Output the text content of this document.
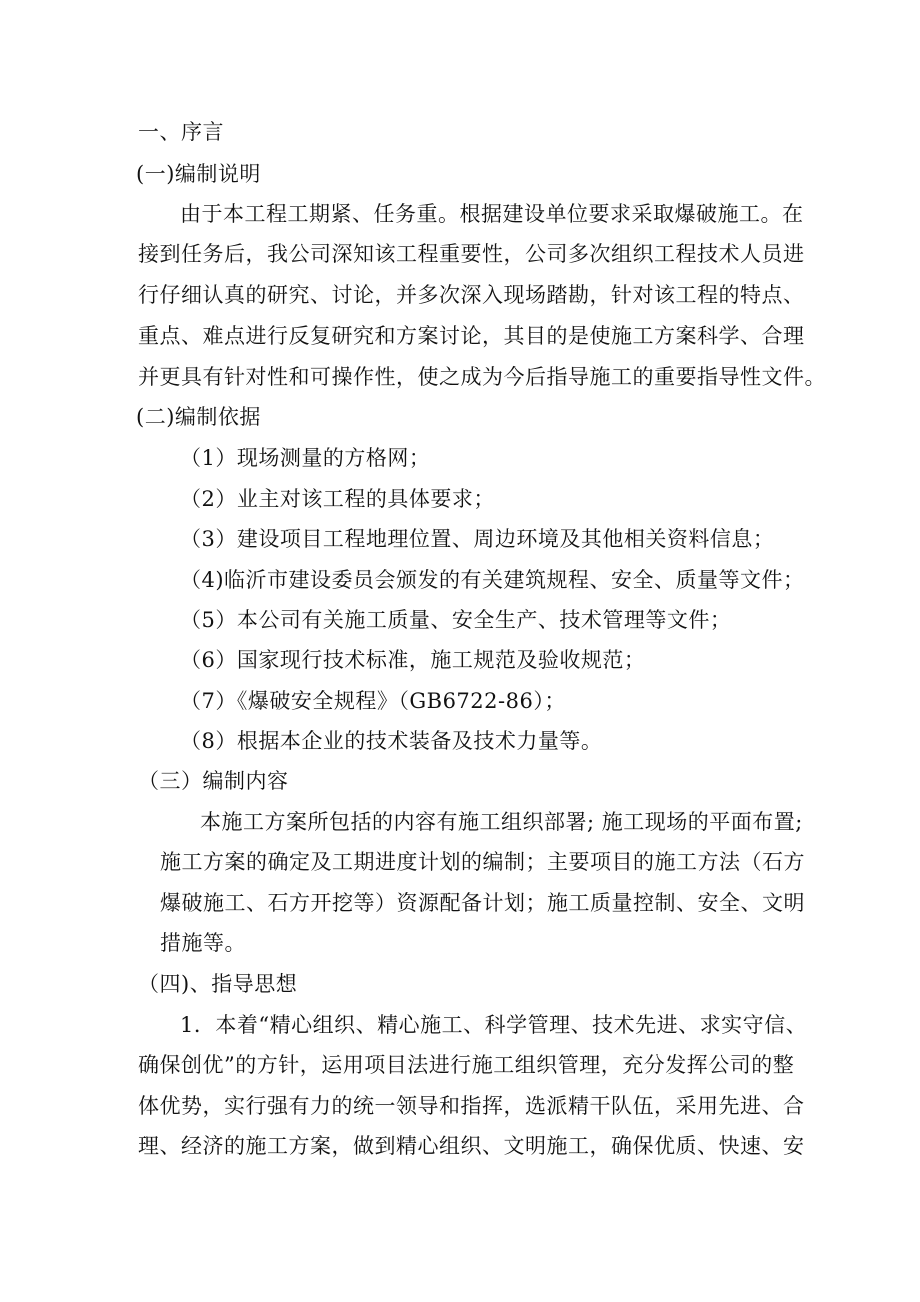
一、序言
(一)编制说明
由于本工程工期紧、任务重。根据建设单位要求采取爆破施工。在
接到任务后，我公司深知该工程重要性，公司多次组织工程技术人员进
行仔细认真的研究、讨论，并多次深入现场踏勘，针对该工程的特点、
重点、难点进行反复研究和方案讨论，其目的是使施工方案科学、合理
并更具有针对性和可操作性，使之成为今后指导施工的重要指导性文件。
(二)编制依据
（1）现场测量的方格网；
（2）业主对该工程的具体要求；
（3）建设项目工程地理位置、周边环境及其他相关资料信息；
（4)临沂市建设委员会颁发的有关建筑规程、安全、质量等文件；
（5）本公司有关施工质量、安全生产、技术管理等文件；
（6）国家现行技术标准，施工规范及验收规范；
（7）《爆破安全规程》（GB6722-86）；
（8）根据本企业的技术装备及技术力量等。
（三）编制内容
本施工方案所包括的内容有施工组织部署; 施工现场的平面布置;
施工方案的确定及工期进度计划的编制；主要项目的施工方法（石方
爆破施工、石方开挖等）资源配备计划；施工质量控制、安全、文明
措施等。
（四)、指导思想
1．本着“精心组织、精心施工、科学管理、技术先进、求实守信、
确保创优”的方针，运用项目法进行施工组织管理，充分发挥公司的整
体优势，实行强有力的统一领导和指挥，选派精干队伍，采用先进、合
理、经济的施工方案，做到精心组织、文明施工，确保优质、快速、安
